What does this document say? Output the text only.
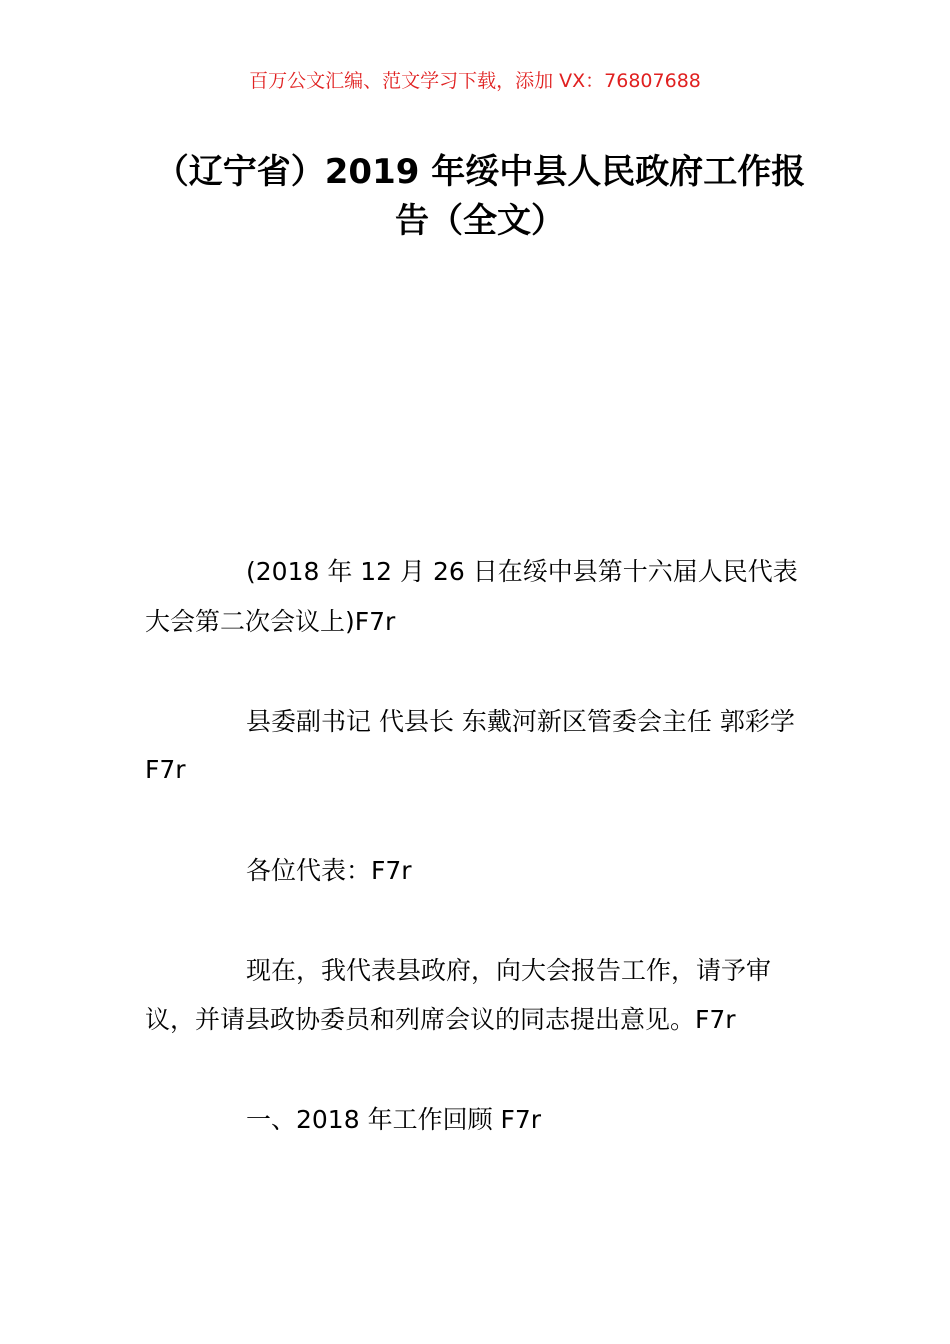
百万公文汇编、范文学习下载，添加 VX：76807688
（辽宁省）2019 年绥中县人民政府工作报
告（全文）
(2018 年 12 月 26 日在绥中县第十六届人民代表
大会第二次会议上)F7r
县委副书记 代县长 东戴河新区管委会主任 郭彩学
F7r
各位代表：F7r
现在，我代表县政府，向大会报告工作，请予审
议，并请县政协委员和列席会议的同志提出意见。F7r
一、2018 年工作回顾 F7r
